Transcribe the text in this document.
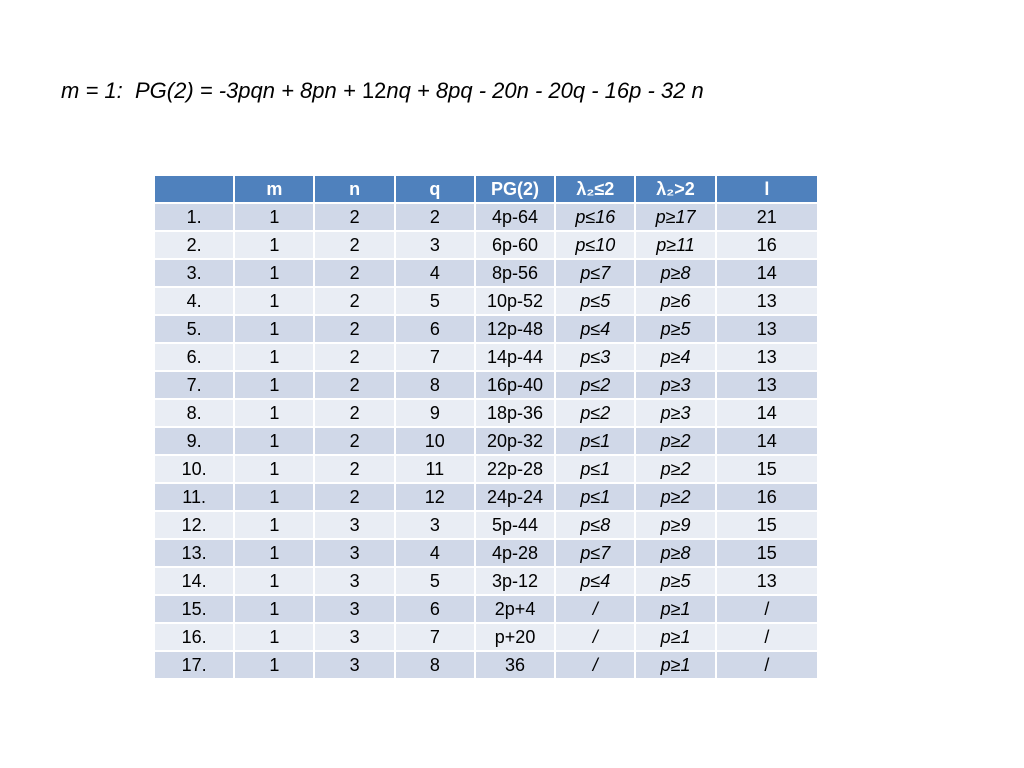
m = 1:  PG(2) = -3pqn + 8pn + 12nq + 8pq - 20n - 20q - 16p - 32 n
	m	n	q	PG(2)	λ₂≤2	λ₂>2	l
1.	1	2	2	4p-64	p≤16	p≥17	21
2.	1	2	3	6p-60	p≤10	p≥11	16
3.	1	2	4	8p-56	p≤7	p≥8	14
4.	1	2	5	10p-52	p≤5	p≥6	13
5.	1	2	6	12p-48	p≤4	p≥5	13
6.	1	2	7	14p-44	p≤3	p≥4	13
7.	1	2	8	16p-40	p≤2	p≥3	13
8.	1	2	9	18p-36	p≤2	p≥3	14
9.	1	2	10	20p-32	p≤1	p≥2	14
10.	1	2	11	22p-28	p≤1	p≥2	15
11.	1	2	12	24p-24	p≤1	p≥2	16
12.	1	3	3	5p-44	p≤8	p≥9	15
13.	1	3	4	4p-28	p≤7	p≥8	15
14.	1	3	5	3p-12	p≤4	p≥5	13
15.	1	3	6	2p+4	/	p≥1	/
16.	1	3	7	p+20	/	p≥1	/
17.	1	3	8	36	/	p≥1	/
